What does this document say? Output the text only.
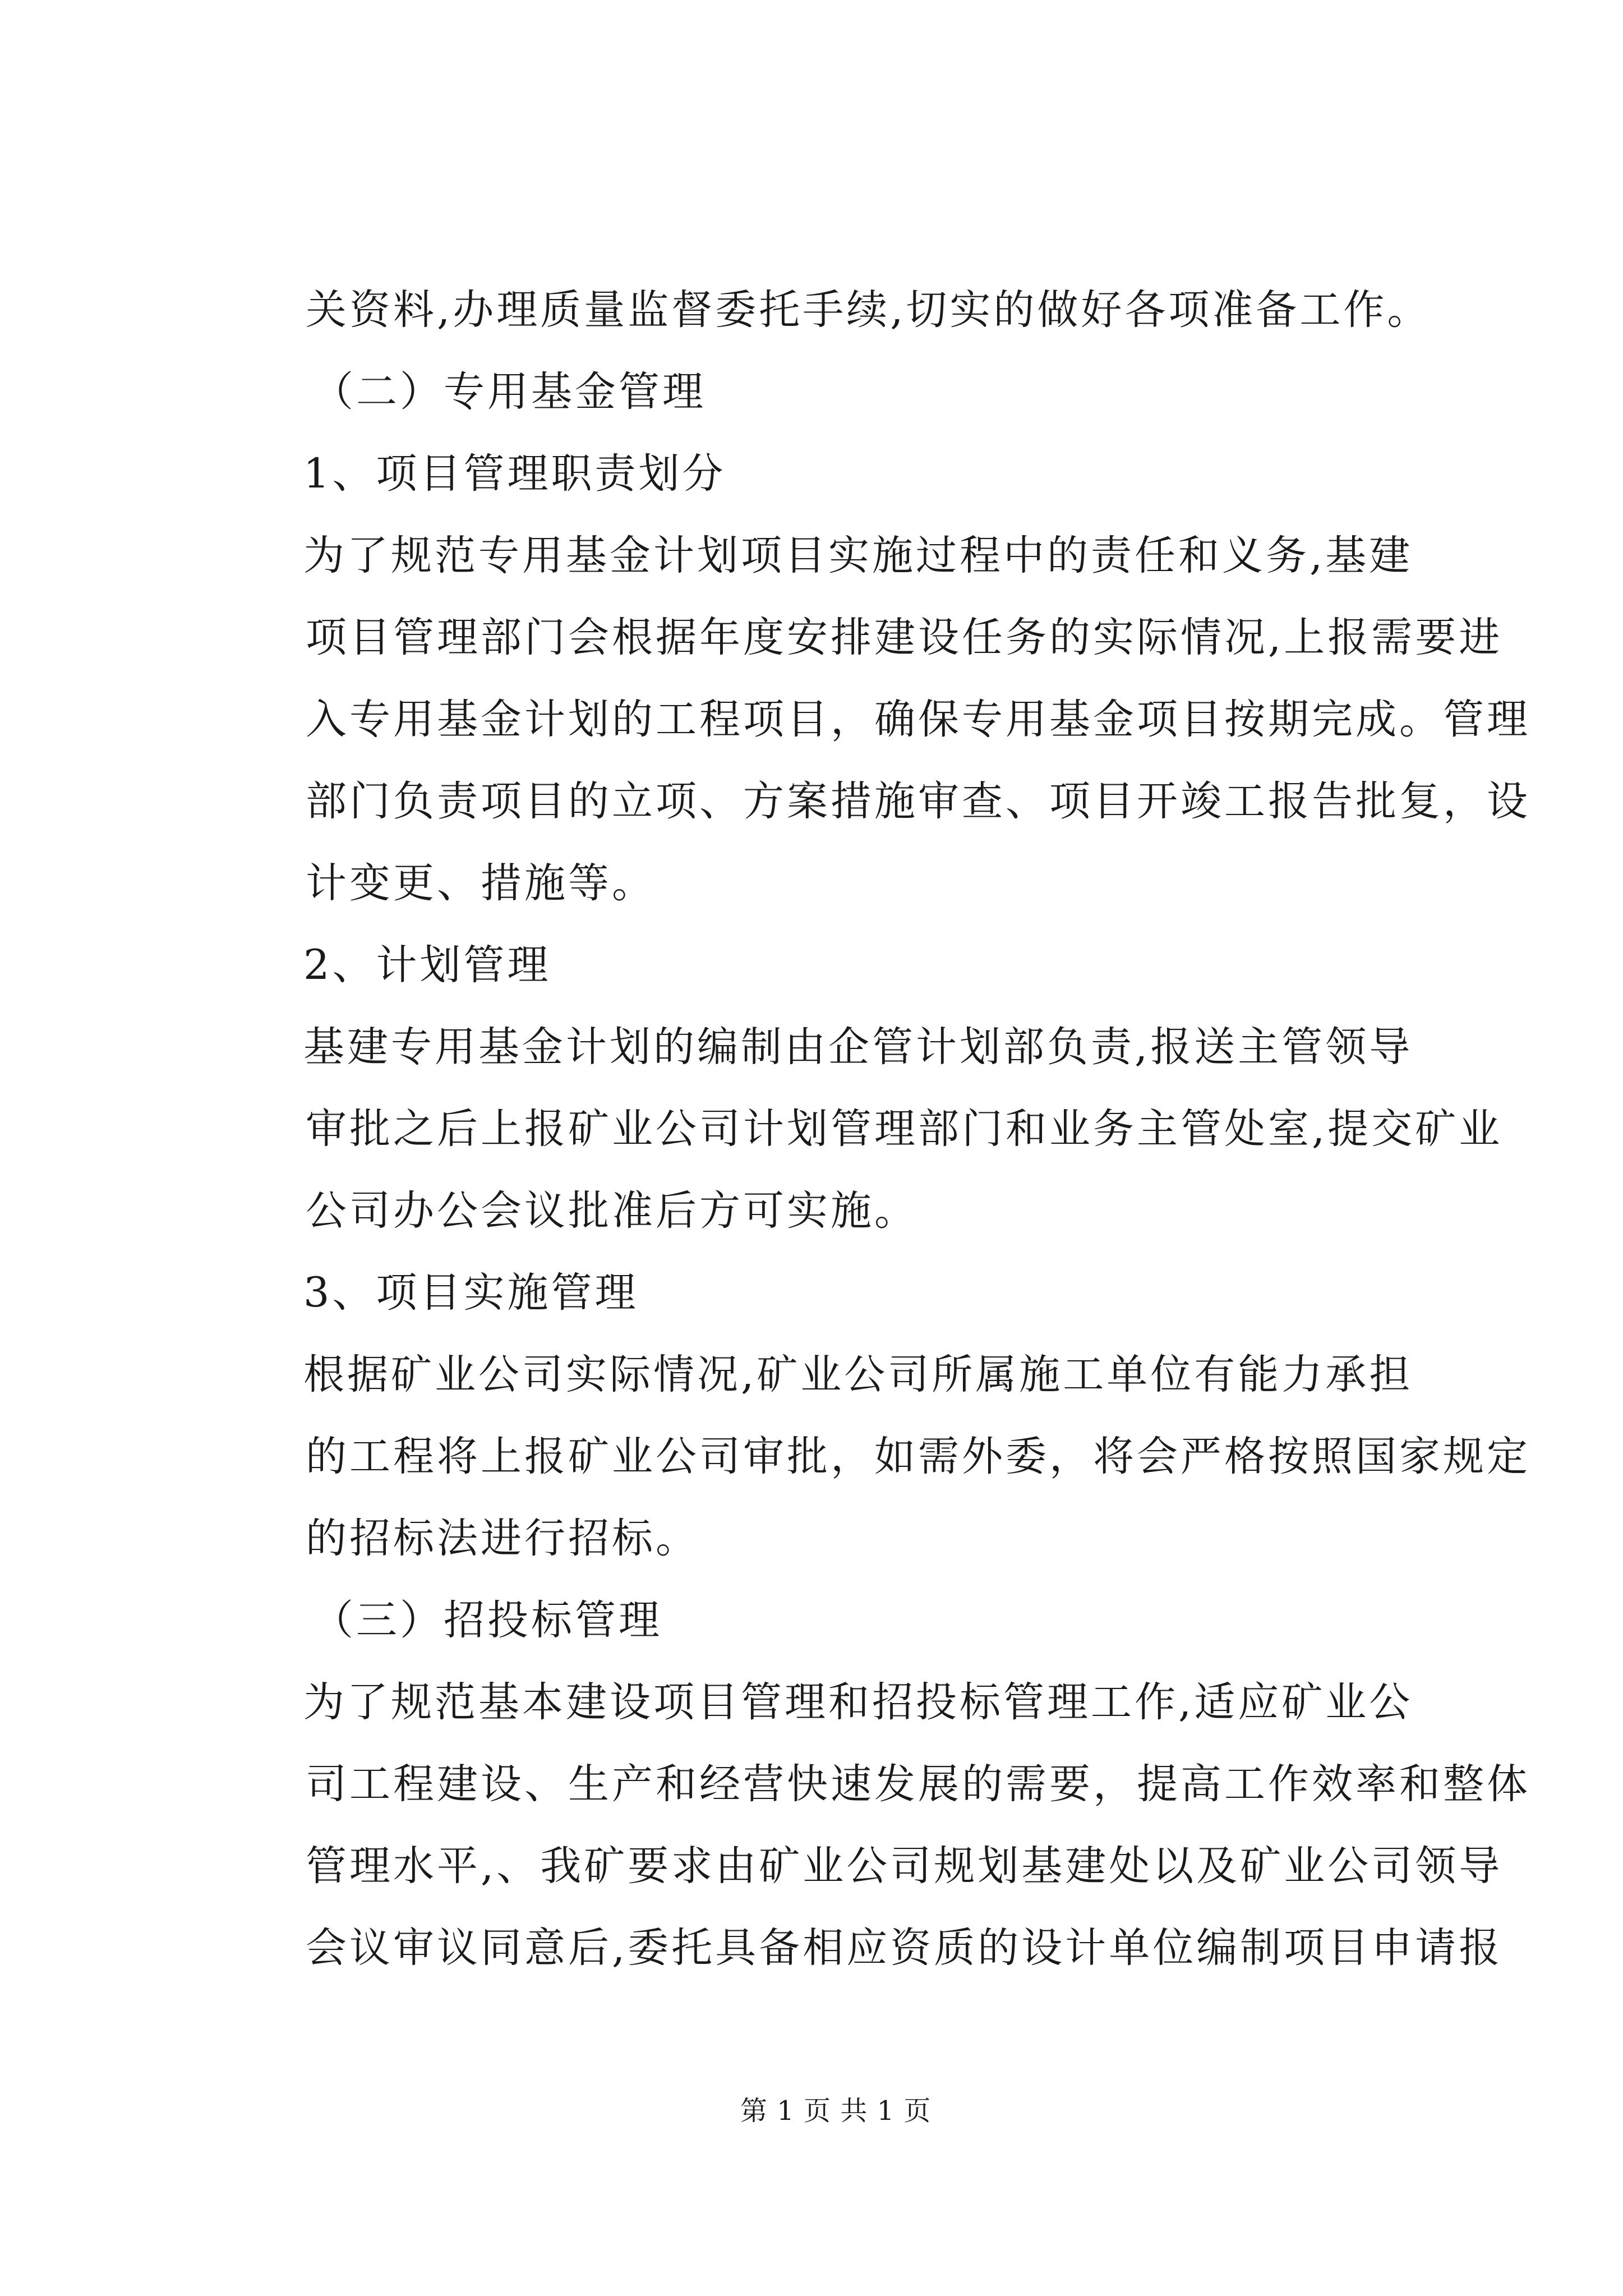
关资料,办理质量监督委托手续,切实的做好各项准备工作。

（二）专用基金管理

1、项目管理职责划分

为了规范专用基金计划项目实施过程中的责任和义务,基建

项目管理部门会根据年度安排建设任务的实际情况,上报需要进

入专用基金计划的工程项目，确保专用基金项目按期完成。管理

部门负责项目的立项、方案措施审查、项目开竣工报告批复，设

计变更、措施等。

2、计划管理

基建专用基金计划的编制由企管计划部负责,报送主管领导

审批之后上报矿业公司计划管理部门和业务主管处室,提交矿业

公司办公会议批准后方可实施。

3、项目实施管理

根据矿业公司实际情况,矿业公司所属施工单位有能力承担

的工程将上报矿业公司审批，如需外委，将会严格按照国家规定

的招标法进行招标。

（三）招投标管理

为了规范基本建设项目管理和招投标管理工作,适应矿业公

司工程建设、生产和经营快速发展的需要，提高工作效率和整体

管理水平,、我矿要求由矿业公司规划基建处以及矿业公司领导

会议审议同意后,委托具备相应资质的设计单位编制项目申请报

第 1 页 共 1 页
